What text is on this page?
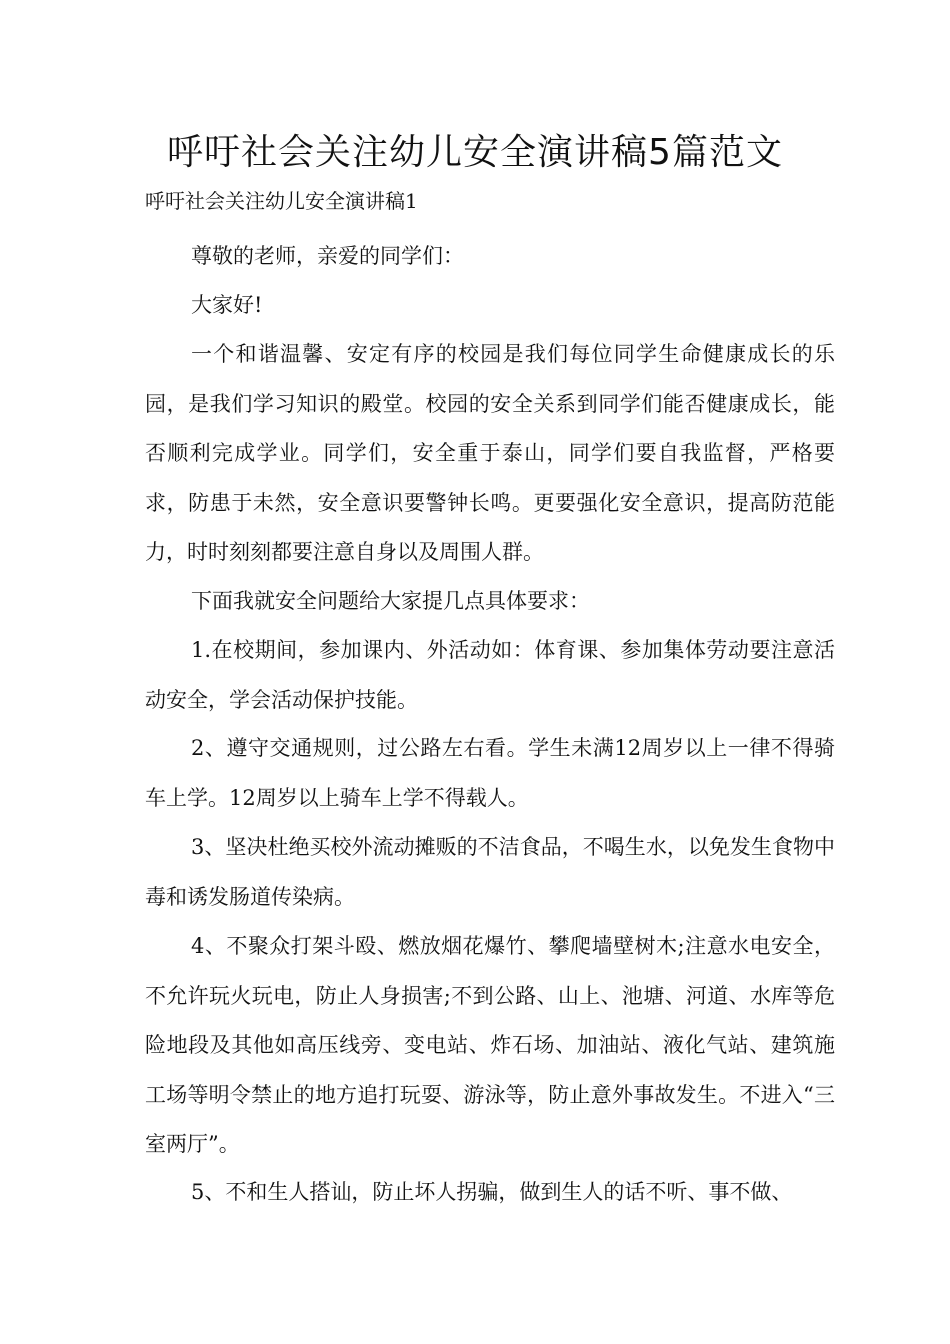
呼吁社会关注幼儿安全演讲稿5篇范文

呼吁社会关注幼儿安全演讲稿1

尊敬的老师，亲爱的同学们：

大家好!

一个和谐温馨、安定有序的校园是我们每位同学生命健康成长的乐园，是我们学习知识的殿堂。校园的安全关系到同学们能否健康成长，能否顺利完成学业。同学们，安全重于泰山，同学们要自我监督，严格要求，防患于未然，安全意识要警钟长鸣。更要强化安全意识，提高防范能力，时时刻刻都要注意自身以及周围人群。

下面我就安全问题给大家提几点具体要求：

1.在校期间，参加课内、外活动如：体育课、参加集体劳动要注意活动安全，学会活动保护技能。

2、遵守交通规则，过公路左右看。学生未满12周岁以上一律不得骑车上学。12周岁以上骑车上学不得载人。

3、坚决杜绝买校外流动摊贩的不洁食品，不喝生水，以免发生食物中毒和诱发肠道传染病。

4、不聚众打架斗殴、燃放烟花爆竹、攀爬墙壁树木;注意水电安全，不允许玩火玩电，防止人身损害;不到公路、山上、池塘、河道、水库等危险地段及其他如高压线旁、变电站、炸石场、加油站、液化气站、建筑施工场等明令禁止的地方追打玩耍、游泳等，防止意外事故发生。不进入“三室两厅”。

5、不和生人搭讪，防止坏人拐骗，做到生人的话不听、事不做、
